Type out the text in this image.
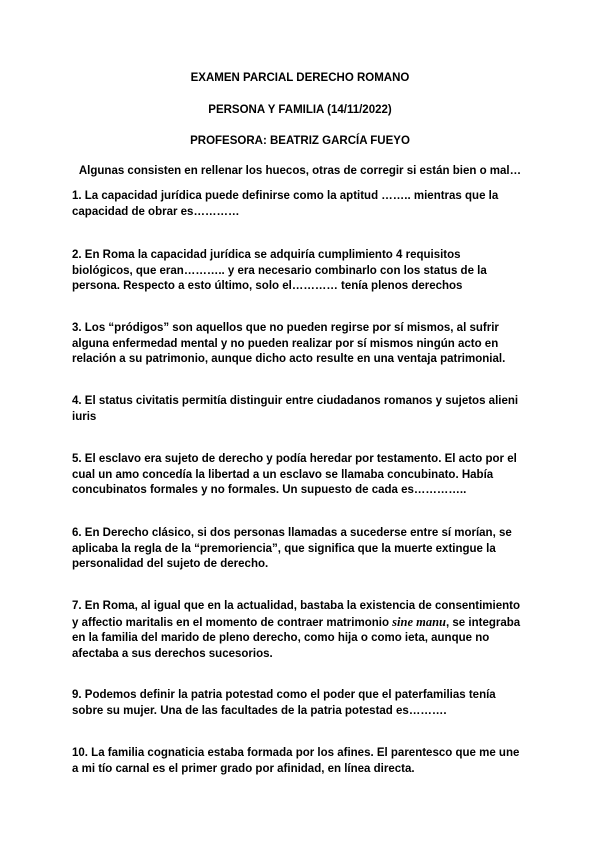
EXAMEN PARCIAL DERECHO ROMANO

PERSONA Y FAMILIA (14/11/2022)

PROFESORA: BEATRIZ GARCÍA FUEYO

Algunas consisten en rellenar los huecos, otras de corregir si están bien o mal…

1. La capacidad jurídica puede definirse como la aptitud …….. mientras que la capacidad de obrar es…………

2. En Roma la capacidad jurídica se adquiría cumplimiento 4 requisitos biológicos, que eran……….. y era necesario combinarlo con los status de la persona. Respecto a esto último, solo el………… tenía plenos derechos

3. Los “pródigos” son aquellos que no pueden regirse por sí mismos, al sufrir alguna enfermedad mental y no pueden realizar por sí mismos ningún acto en relación a su patrimonio, aunque dicho acto resulte en una ventaja patrimonial.

4. El status civitatis permitía distinguir entre ciudadanos romanos y sujetos alieni iuris

5. El esclavo era sujeto de derecho y podía heredar por testamento. El acto por el cual un amo concedía la libertad a un esclavo se llamaba concubinato. Había concubinatos formales y no formales. Un supuesto de cada es…………..

6. En Derecho clásico, si dos personas llamadas a sucederse entre sí morían, se aplicaba la regla de la “premoriencia”, que significa que la muerte extingue la personalidad del sujeto de derecho.

7. En Roma, al igual que en la actualidad, bastaba la existencia de consentimiento y affectio maritalis en el momento de contraer matrimonio sine manu, se integraba en la familia del marido de pleno derecho, como hija o como ieta, aunque no afectaba a sus derechos sucesorios.

9. Podemos definir la patria potestad como el poder que el paterfamilias tenía sobre su mujer. Una de las facultades de la patria potestad es……….

10. La familia cognaticia estaba formada por los afines. El parentesco que me une a mi tío carnal es el primer grado por afinidad, en línea directa.
